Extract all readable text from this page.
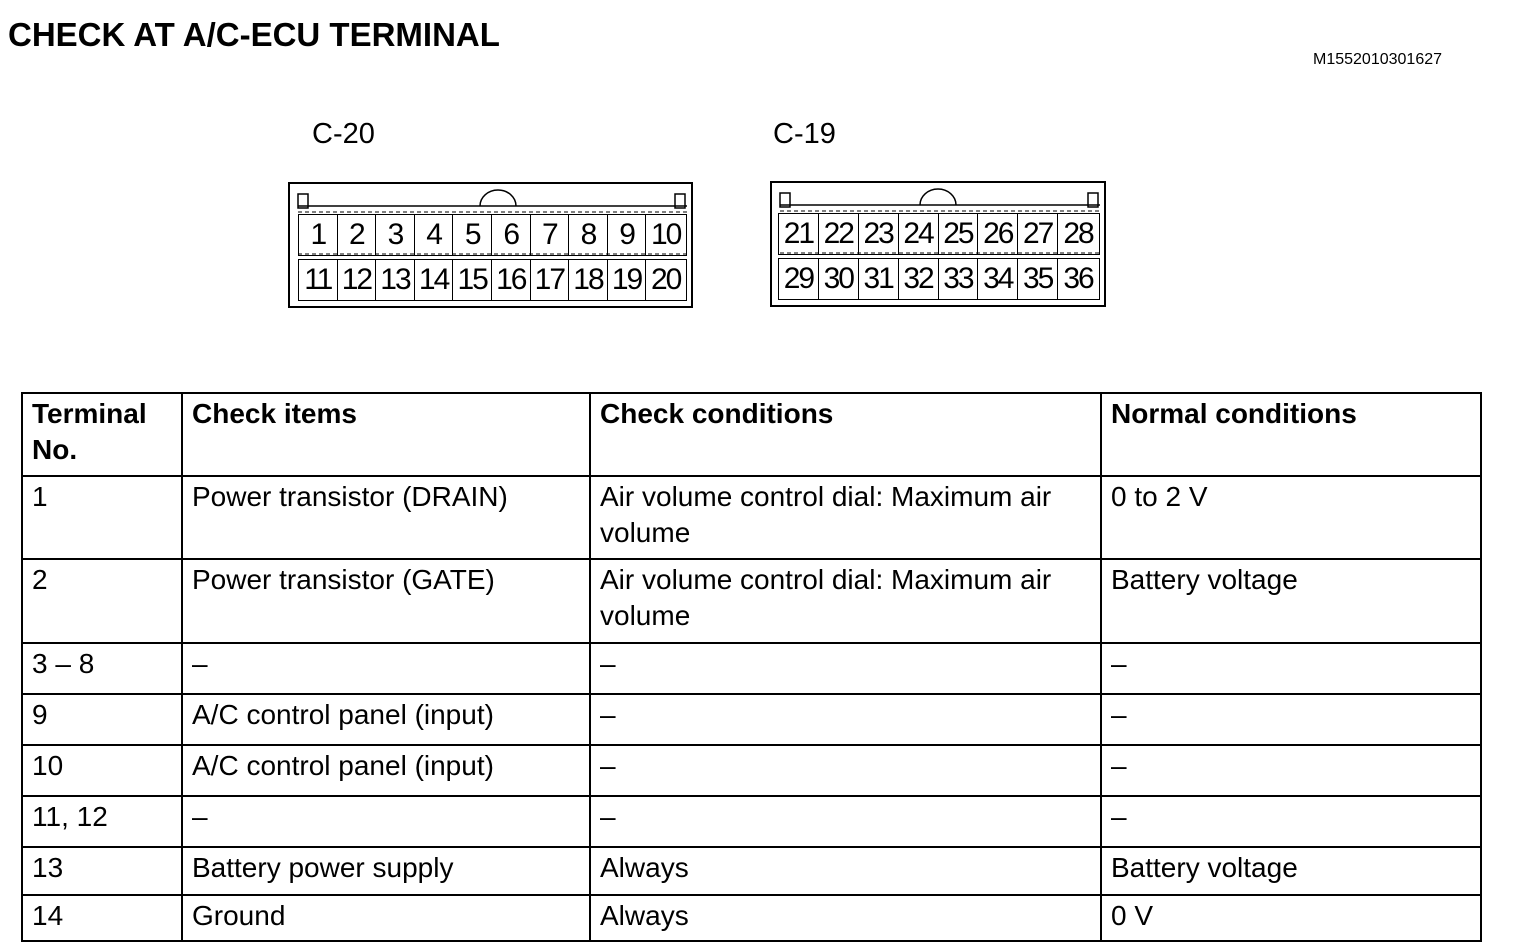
CHECK AT A/C-ECU TERMINAL
M1552010301627
C-20
1 2 3 4 5 6 7 8 9 10
11 12 13 14 15 16 17 18 19 20
C-19
21 22 23 24 25 26 27 28
29 30 31 32 33 34 35 36
Terminal No.	Check items	Check conditions	Normal conditions
1	Power transistor (DRAIN)	Air volume control dial: Maximum air volume	0 to 2 V
2	Power transistor (GATE)	Air volume control dial: Maximum air volume	Battery voltage
3 – 8	–	–	–
9	A/C control panel (input)	–	–
10	A/C control panel (input)	–	–
11, 12	–	–	–
13	Battery power supply	Always	Battery voltage
14	Ground	Always	0 V
